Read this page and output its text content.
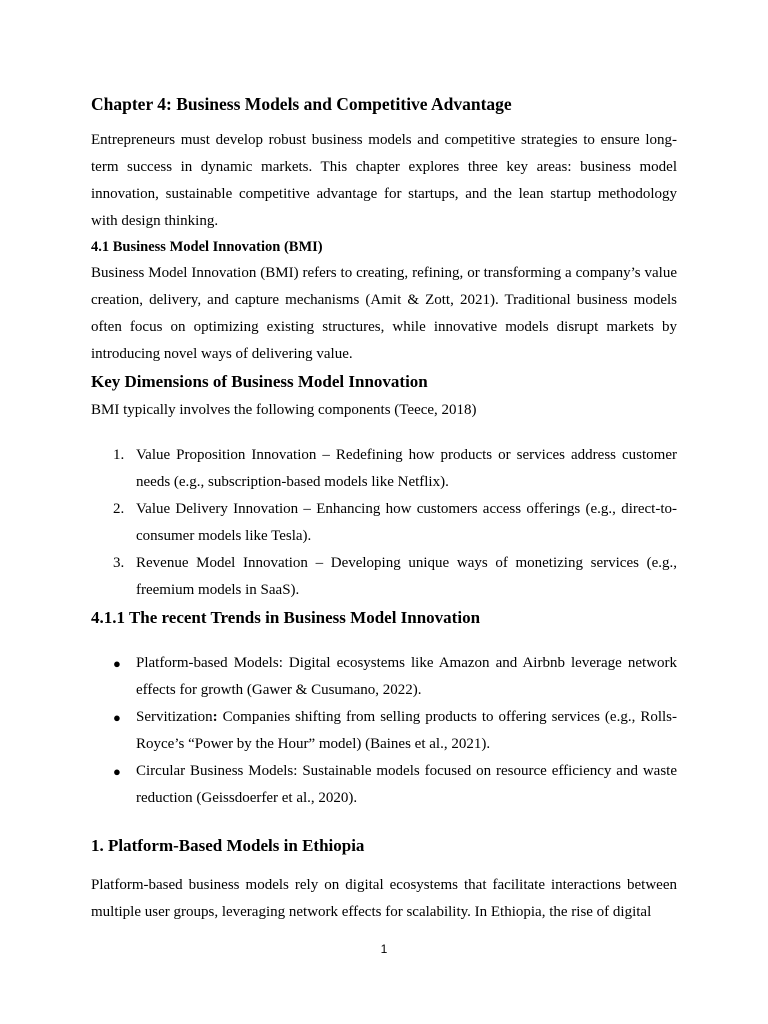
Chapter 4: Business Models and Competitive Advantage

Entrepreneurs must develop robust business models and competitive strategies to ensure long-term success in dynamic markets. This chapter explores three key areas: business model innovation, sustainable competitive advantage for startups, and the lean startup methodology with design thinking.

4.1 Business Model Innovation (BMI)

Business Model Innovation (BMI) refers to creating, refining, or transforming a company’s value creation, delivery, and capture mechanisms (Amit & Zott, 2021). Traditional business models often focus on optimizing existing structures, while innovative models disrupt markets by introducing novel ways of delivering value.

Key Dimensions of Business Model Innovation

BMI typically involves the following components (Teece, 2018)

1. Value Proposition Innovation – Redefining how products or services address customer needs (e.g., subscription-based models like Netflix).
2. Value Delivery Innovation – Enhancing how customers access offerings (e.g., direct-to-consumer models like Tesla).
3. Revenue Model Innovation – Developing unique ways of monetizing services (e.g., freemium models in SaaS).
4.1.1 The recent Trends in Business Model Innovation
● Platform-based Models: Digital ecosystems like Amazon and Airbnb leverage network effects for growth (Gawer & Cusumano, 2022).
● Servitization: Companies shifting from selling products to offering services (e.g., Rolls-Royce’s “Power by the Hour” model) (Baines et al., 2021).
● Circular Business Models: Sustainable models focused on resource efficiency and waste reduction (Geissdoerfer et al., 2020).
1. Platform-Based Models in Ethiopia

Platform-based business models rely on digital ecosystems that facilitate interactions between multiple user groups, leveraging network effects for scalability. In Ethiopia, the rise of digital

1
